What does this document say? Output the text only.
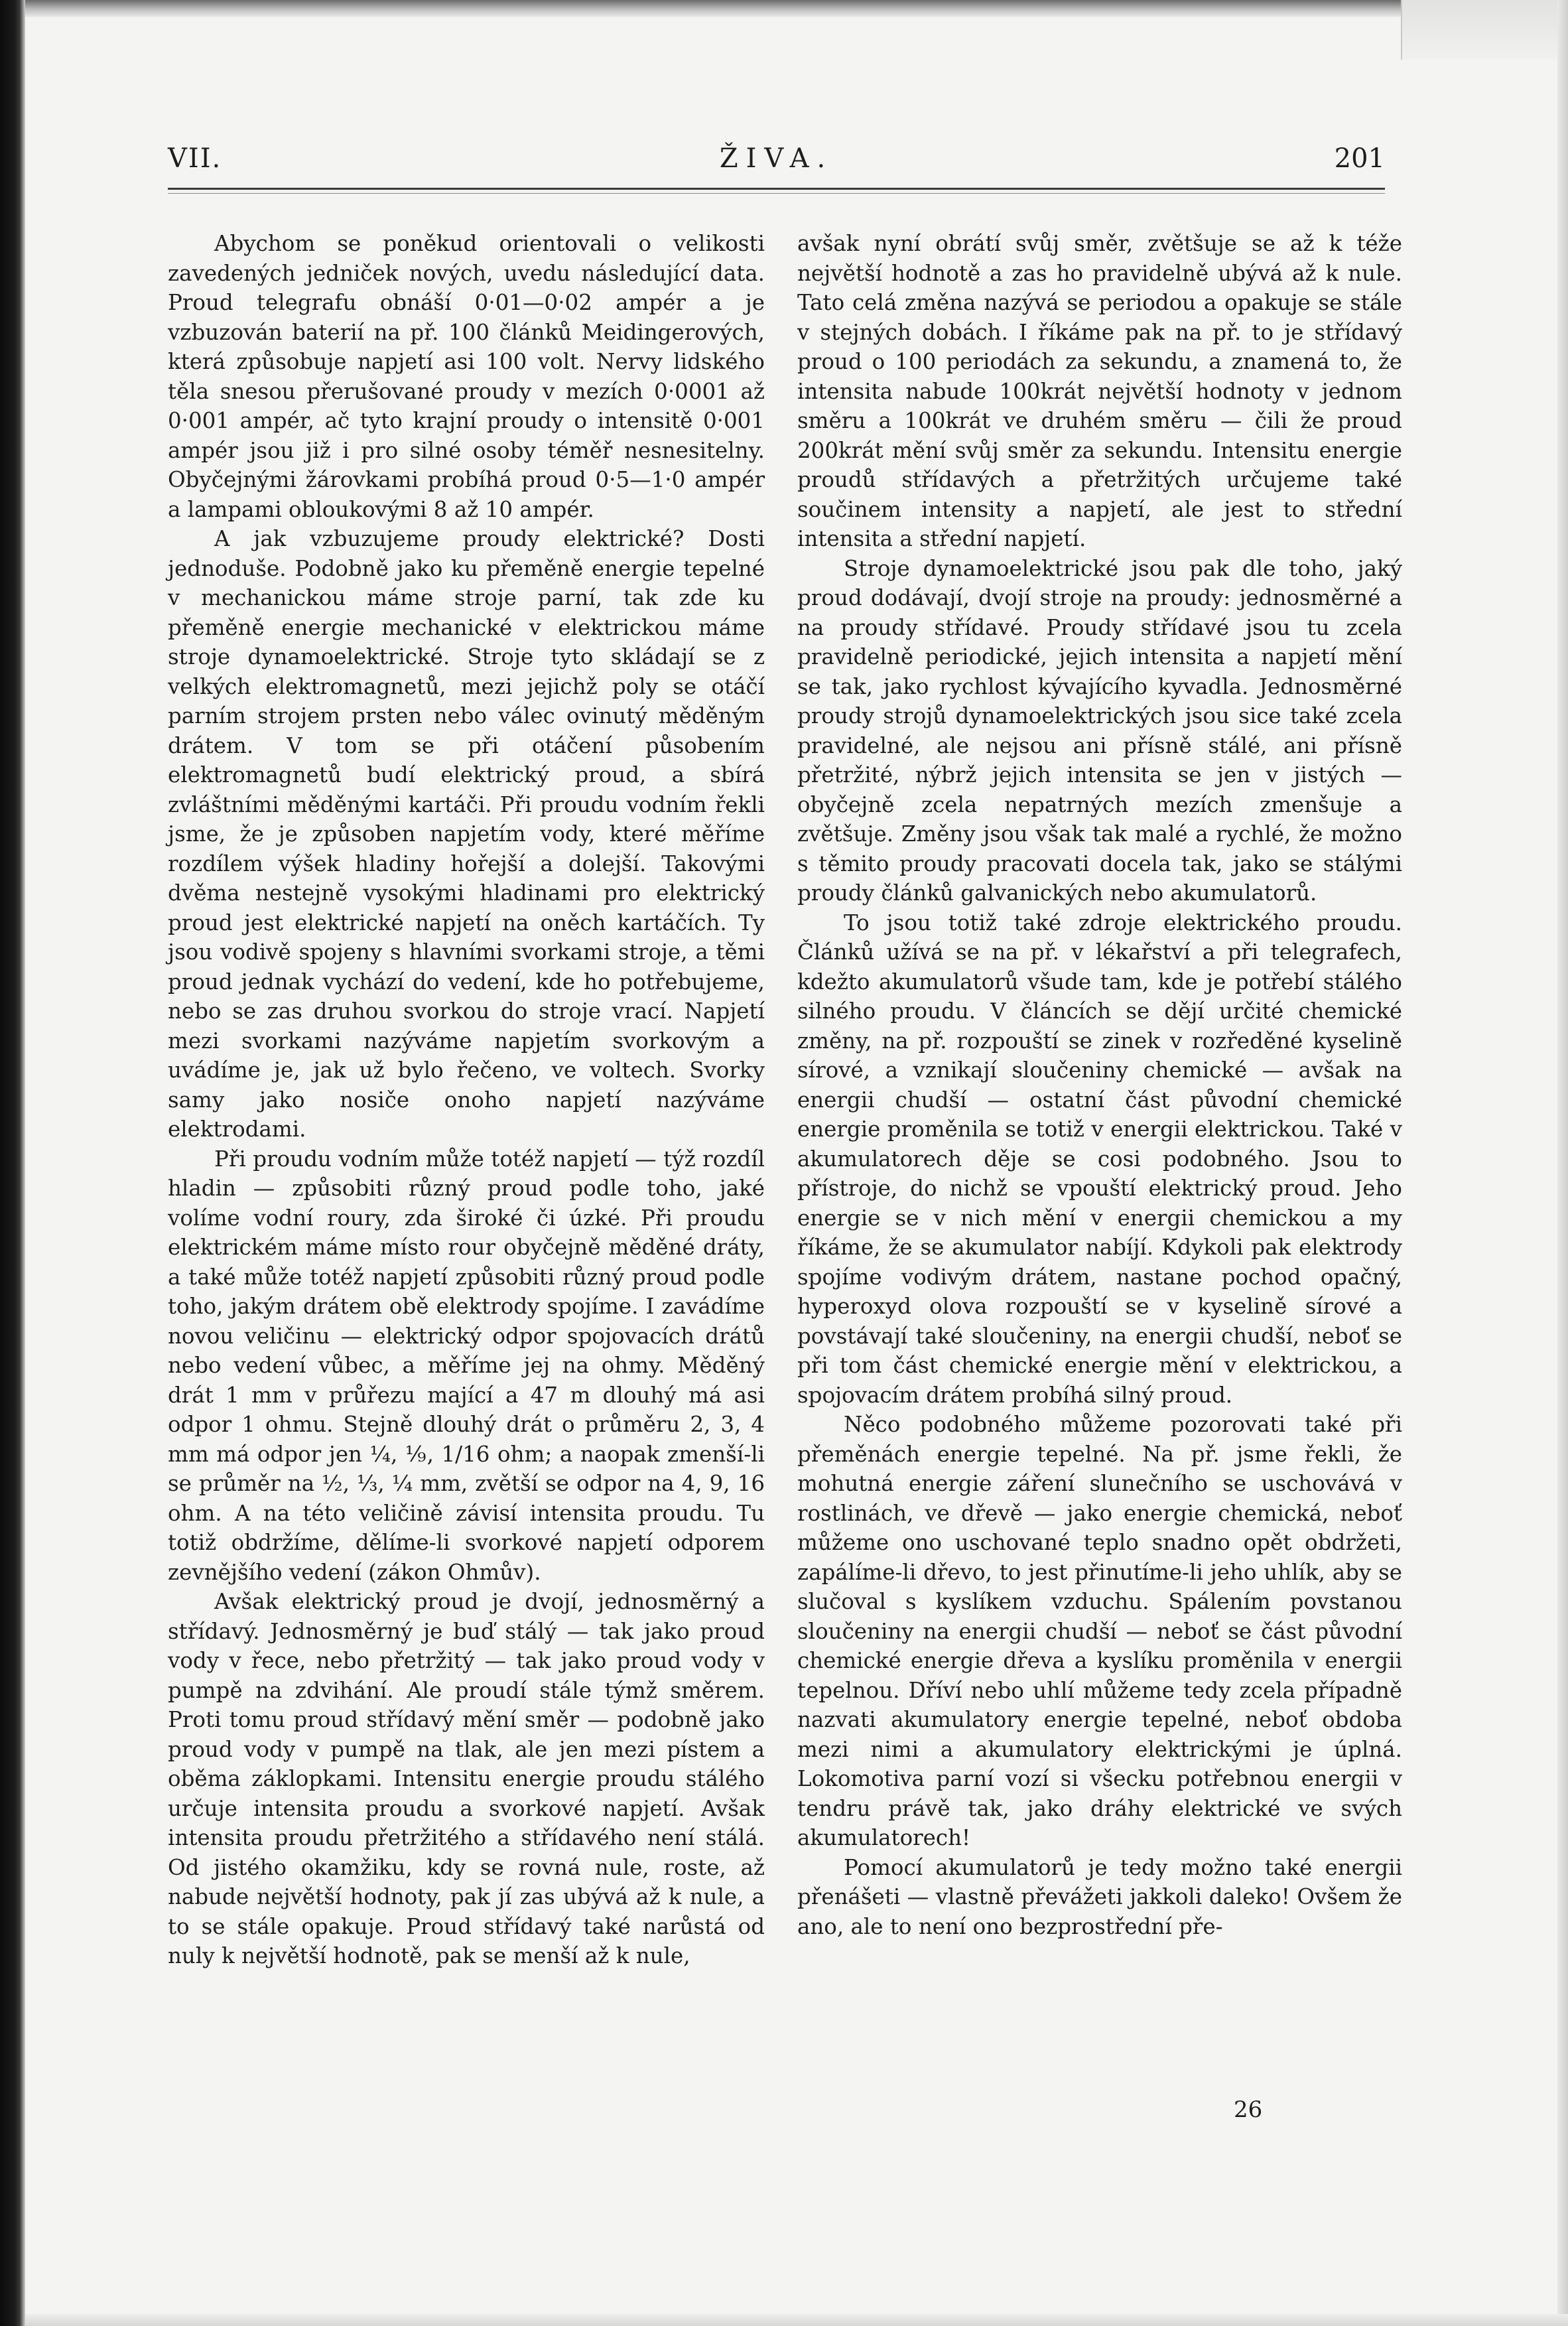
VII.	ŽIVA.	201

Abychom se poněkud orientovali o velikosti zavedených jedniček nových, uvedu následující data. Proud telegrafu obnáší 0·01—0·02 ampér a je vzbuzován baterií na př. 100 článků Meidingerových, která způsobuje napjetí asi 100 volt. Nervy lidského těla snesou přerušované proudy v mezích 0·0001 až 0·001 ampér, ač tyto krajní proudy o intensitě 0·001 ampér jsou již i pro silné osoby téměř nesnesitelny. Obyčejnými žárovkami probíhá proud 0·5—1·0 ampér a lampami obloukovými 8 až 10 ampér.

A jak vzbuzujeme proudy elektrické? Dosti jednoduše. Podobně jako ku přeměně energie tepelné v mechanickou máme stroje parní, tak zde ku přeměně energie mechanické v elektrickou máme stroje dynamoelektrické. Stroje tyto skládají se z velkých elektromagnetů, mezi jejichž poly se otáčí parním strojem prsten nebo válec ovinutý měděným drátem. V tom se při otáčení působením elektromagnetů budí elektrický proud, a sbírá zvláštními měděnými kartáči. Při proudu vodním řekli jsme, že je způsoben napjetím vody, které měříme rozdílem výšek hladiny hořejší a dolejší. Takovými dvěma nestejně vysokými hladinami pro elektrický proud jest elektrické napjetí na oněch kartáčích. Ty jsou vodivě spojeny s hlavními svorkami stroje, a těmi proud jednak vychází do vedení, kde ho potřebujeme, nebo se zas druhou svorkou do stroje vrací. Napjetí mezi svorkami nazýváme napjetím svorkovým a uvádíme je, jak už bylo řečeno, ve voltech. Svorky samy jako nosiče onoho napjetí nazýváme elektrodami.

Při proudu vodním může totéž napjetí — týž rozdíl hladin — způsobiti různý proud podle toho, jaké volíme vodní roury, zda široké či úzké. Při proudu elektrickém máme místo rour obyčejně měděné dráty, a také může totéž napjetí způsobiti různý proud podle toho, jakým drátem obě elektrody spojíme. I zavádíme novou veličinu — elektrický odpor spojovacích drátů nebo vedení vůbec, a měříme jej na ohmy. Měděný drát 1 mm v průřezu mající a 47 m dlouhý má asi odpor 1 ohmu. Stejně dlouhý drát o průměru 2, 3, 4 mm má odpor jen ¼, ⅑, 1/16 ohm; a naopak zmenší-li se průměr na ½, ⅓, ¼ mm, zvětší se odpor na 4, 9, 16 ohm. A na této veličině závisí intensita proudu. Tu totiž obdržíme, dělíme-li svorkové napjetí odporem zevnějšího vedení (zákon Ohmův).

Avšak elektrický proud je dvojí, jednosměrný a střídavý. Jednosměrný je buď stálý — tak jako proud vody v řece, nebo přetržitý — tak jako proud vody v pumpě na zdvihání. Ale proudí stále týmž směrem. Proti tomu proud střídavý mění směr — podobně jako proud vody v pumpě na tlak, ale jen mezi pístem a oběma záklopkami. Intensitu energie proudu stálého určuje intensita proudu a svorkové napjetí. Avšak intensita proudu přetržitého a střídavého není stálá. Od jistého okamžiku, kdy se rovná nule, roste, až nabude největší hodnoty, pak jí zas ubývá až k nule, a to se stále opakuje. Proud střídavý také narůstá od nuly k největší hodnotě, pak se menší až k nule,

avšak nyní obrátí svůj směr, zvětšuje se až k téže největší hodnotě a zas ho pravidelně ubývá až k nule. Tato celá změna nazývá se periodou a opakuje se stále v stejných dobách. I říkáme pak na př. to je střídavý proud o 100 periodách za sekundu, a znamená to, že intensita nabude 100krát největší hodnoty v jednom směru a 100krát ve druhém směru — čili že proud 200krát mění svůj směr za sekundu. Intensitu energie proudů střídavých a přetržitých určujeme také součinem intensity a napjetí, ale jest to střední intensita a střední napjetí.

Stroje dynamoelektrické jsou pak dle toho, jaký proud dodávají, dvojí stroje na proudy: jednosměrné a na proudy střídavé. Proudy střídavé jsou tu zcela pravidelně periodické, jejich intensita a napjetí mění se tak, jako rychlost kývajícího kyvadla. Jednosměrné proudy strojů dynamoelektrických jsou sice také zcela pravidelné, ale nejsou ani přísně stálé, ani přísně přetržité, nýbrž jejich intensita se jen v jistých — obyčejně zcela nepatrných mezích zmenšuje a zvětšuje. Změny jsou však tak malé a rychlé, že možno s těmito proudy pracovati docela tak, jako se stálými proudy článků galvanických nebo akumulatorů.

To jsou totiž také zdroje elektrického proudu. Článků užívá se na př. v lékařství a při telegrafech, kdežto akumulatorů všude tam, kde je potřebí stálého silného proudu. V článcích se dějí určité chemické změny, na př. rozpouští se zinek v rozředěné kyselině sírové, a vznikají sloučeniny chemické — avšak na energii chudší — ostatní část původní chemické energie proměnila se totiž v energii elektrickou. Také v akumulatorech děje se cosi podobného. Jsou to přístroje, do nichž se vpouští elektrický proud. Jeho energie se v nich mění v energii chemickou a my říkáme, že se akumulator nabíjí. Kdykoli pak elektrody spojíme vodivým drátem, nastane pochod opačný, hyperoxyd olova rozpouští se v kyselině sírové a povstávají také sloučeniny, na energii chudší, neboť se při tom část chemické energie mění v elektrickou, a spojovacím drátem probíhá silný proud.

Něco podobného můžeme pozorovati také při přeměnách energie tepelné. Na př. jsme řekli, že mohutná energie záření slunečního se uschovává v rostlinách, ve dřevě — jako energie chemická, neboť můžeme ono uschované teplo snadno opět obdržeti, zapálíme-li dřevo, to jest přinutíme-li jeho uhlík, aby se slučoval s kyslíkem vzduchu. Spálením povstanou sloučeniny na energii chudší — neboť se část původní chemické energie dřeva a kyslíku proměnila v energii tepelnou. Dříví nebo uhlí můžeme tedy zcela případně nazvati akumulatory energie tepelné, neboť obdoba mezi nimi a akumulatory elektrickými je úplná. Lokomotiva parní vozí si všecku potřebnou energii v tendru právě tak, jako dráhy elektrické ve svých akumulatorech!

Pomocí akumulatorů je tedy možno také energii přenášeti — vlastně převážeti jakkoli daleko! Ovšem že ano, ale to není ono bezprostřední pře-

26
